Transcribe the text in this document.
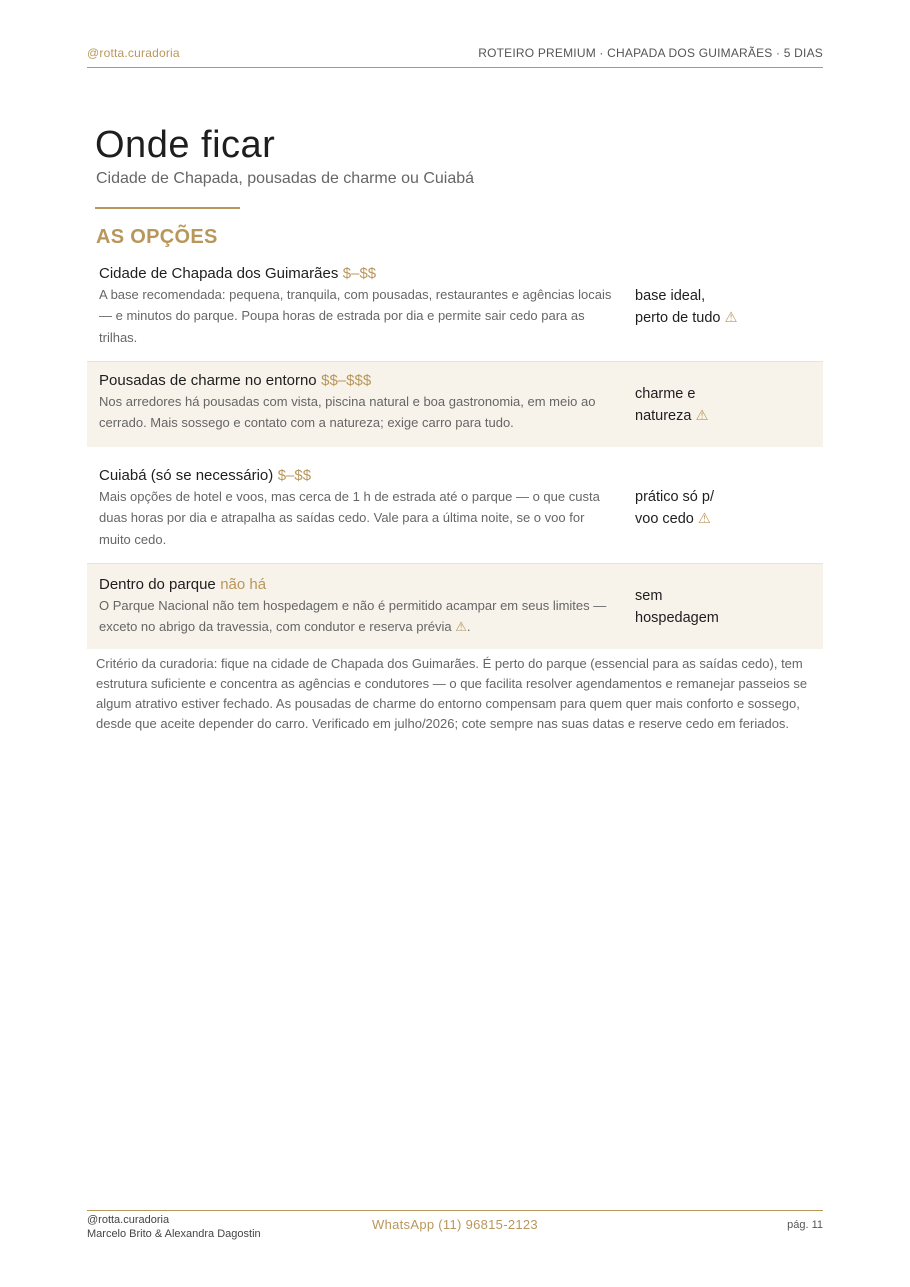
@rotta.curadoria	ROTEIRO PREMIUM · CHAPADA DOS GUIMARÃES · 5 DIAS
Onde ficar
Cidade de Chapada, pousadas de charme ou Cuiabá
AS OPÇÕES
Cidade de Chapada dos Guimarães $–$$
A base recomendada: pequena, tranquila, com pousadas, restaurantes e agências locais — e minutos do parque. Poupa horas de estrada por dia e permite sair cedo para as trilhas.
base ideal,
perto de tudo ⚠
Pousadas de charme no entorno $$–$$$
Nos arredores há pousadas com vista, piscina natural e boa gastronomia, em meio ao cerrado. Mais sossego e contato com a natureza; exige carro para tudo.
charme e
natureza ⚠
Cuiabá (só se necessário) $–$$
Mais opções de hotel e voos, mas cerca de 1 h de estrada até o parque — o que custa duas horas por dia e atrapalha as saídas cedo. Vale para a última noite, se o voo for muito cedo.
prático só p/
voo cedo ⚠
Dentro do parque não há
O Parque Nacional não tem hospedagem e não é permitido acampar em seus limites — exceto no abrigo da travessia, com condutor e reserva prévia ⚠.
sem
hospedagem

Critério da curadoria: fique na cidade de Chapada dos Guimarães. É perto do parque (essencial para as saídas cedo), tem estrutura suficiente e concentra as agências e condutores — o que facilita resolver agendamentos e remanejar passeios se algum atrativo estiver fechado. As pousadas de charme do entorno compensam para quem quer mais conforto e sossego, desde que aceite depender do carro. Verificado em julho/2026; cote sempre nas suas datas e reserve cedo em feriados.

@rotta.curadoria
Marcelo Brito & Alexandra Dagostin
WhatsApp (11) 96815-2123	pág. 11
